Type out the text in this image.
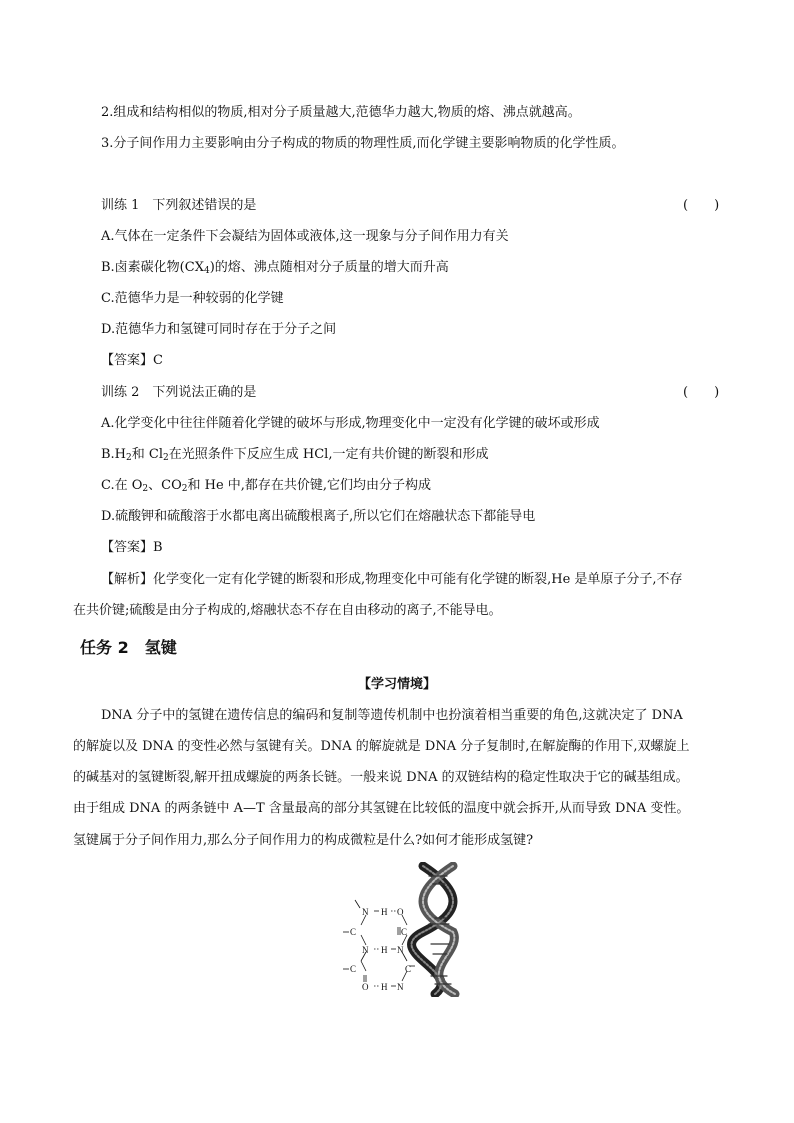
2.组成和结构相似的物质,相对分子质量越大,范德华力越大,物质的熔、沸点就越高。
3.分子间作用力主要影响由分子构成的物质的物理性质,而化学键主要影响物质的化学性质。
训练 1　下列叙述错误的是	(　　)
A.气体在一定条件下会凝结为固体或液体,这一现象与分子间作用力有关
B.卤素碳化物$(CX_4)$的熔、沸点随相对分子质量的增大而升高
C.范德华力是一种较弱的化学键
D.范德华力和氢键可同时存在于分子之间
【答案】C
训练 2　下列说法正确的是	(　　)
A.化学变化中往往伴随着化学键的破坏与形成,物理变化中一定没有化学键的破坏或形成
$B.H_2$和 $Cl_2$在光照条件下反应生成 HCl,一定有共价键的断裂和形成
C.在 $O_2$、$CO_2$和 He 中,都存在共价键,它们均由分子构成
D.硫酸钾和硫酸溶于水都电离出硫酸根离子,所以它们在熔融状态下都能导电
【答案】B
【解析】化学变化一定有化学键的断裂和形成,物理变化中可能有化学键的断裂,He 是单原子分子,不存
在共价键;硫酸是由分子构成的,熔融状态不存在自由移动的离子,不能导电。
任务 2　氢键
【学习情境】
DNA 分子中的氢键在遗传信息的编码和复制等遗传机制中也扮演着相当重要的角色,这就决定了 DNA
的解旋以及 DNA 的变性必然与氢键有关。DNA 的解旋就是 DNA 分子复制时,在解旋酶的作用下,双螺旋上
的碱基对的氢键断裂,解开扭成螺旋的两条长链。一般来说 DNA 的双链结构的稳定性取决于它的碱基组成。
由于组成 DNA 的两条链中 A—T 含量最高的部分其氢键在比较低的温度中就会拆开,从而导致 DNA 变性。
氢键属于分子间作用力,那么分子间作用力的构成微粒是什么?如何才能形成氢键?
N H O
C	C
N H N
C	C
O H N
